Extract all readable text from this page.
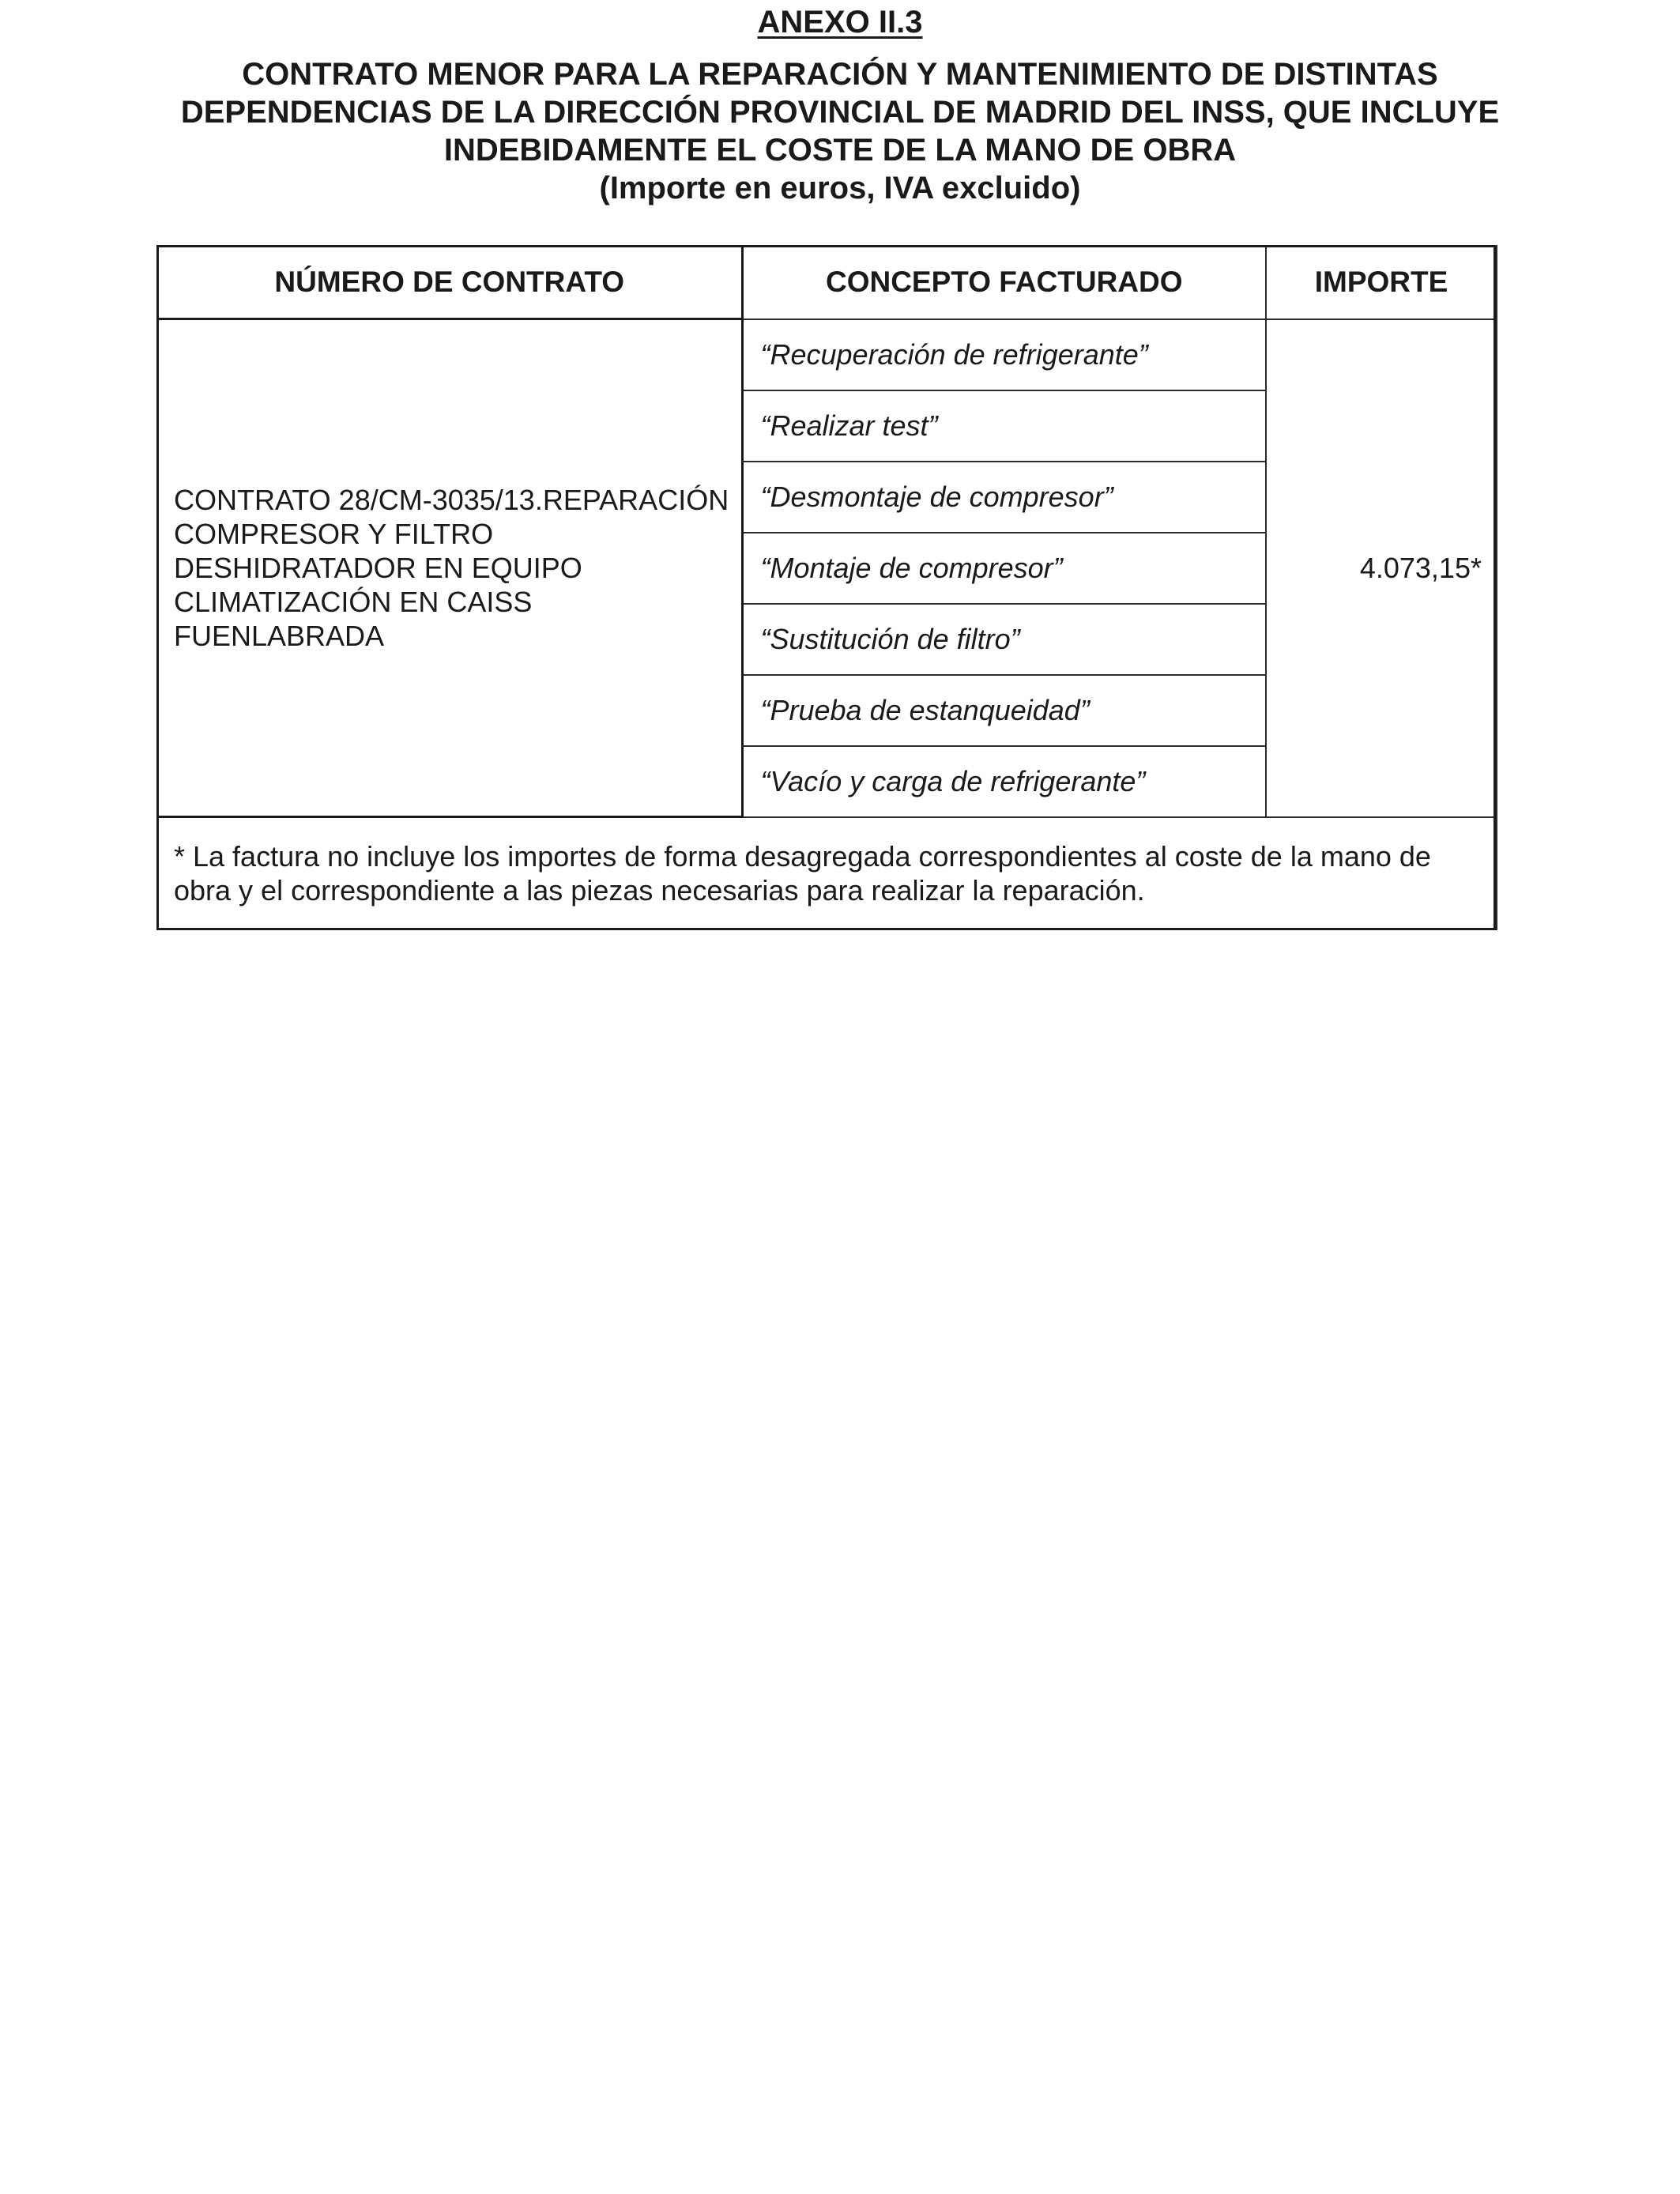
ANEXO II.3
CONTRATO MENOR PARA LA REPARACIÓN Y MANTENIMIENTO DE DISTINTAS
DEPENDENCIAS DE LA DIRECCIÓN PROVINCIAL DE MADRID DEL INSS, QUE INCLUYE
INDEBIDAMENTE EL COSTE DE LA MANO DE OBRA
(Importe en euros, IVA excluido)
NÚMERO DE CONTRATO	CONCEPTO FACTURADO	IMPORTE
CONTRATO 28/CM-3035/13.REPARACIÓN COMPRESOR Y FILTRO DESHIDRATADOR EN EQUIPO CLIMATIZACIÓN EN CAISS FUENLABRADA	“Recuperación de refrigerante”	4.073,15*
	“Realizar test”	
	“Desmontaje de compresor”	
	“Montaje de compresor”	
	“Sustitución de filtro”	
	“Prueba de estanqueidad”	
	“Vacío y carga de refrigerante”	
* La factura no incluye los importes de forma desagregada correspondientes al coste de la mano de obra y el correspondiente a las piezas necesarias para realizar la reparación.		
